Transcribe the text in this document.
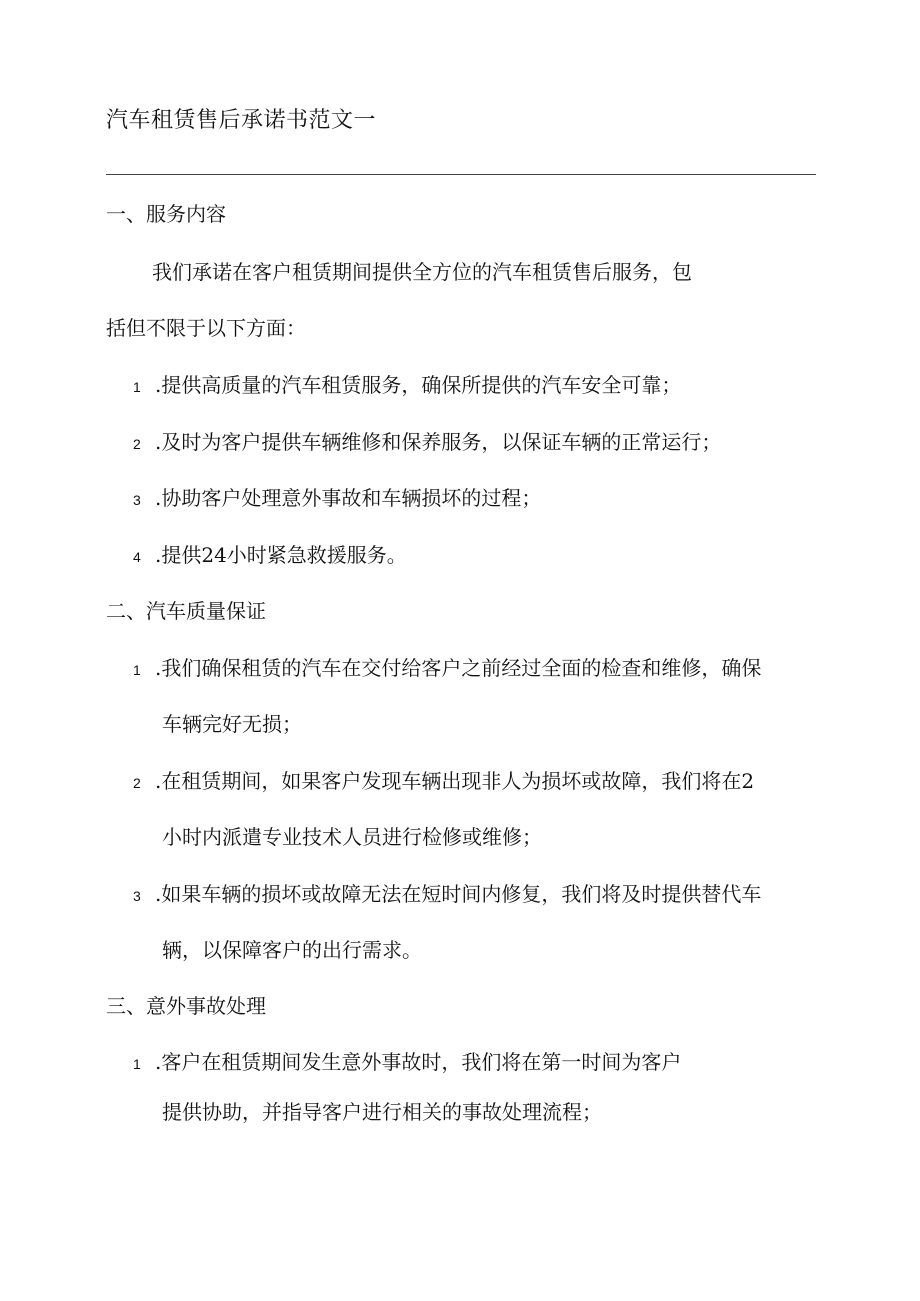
汽车租赁售后承诺书范文一
一、服务内容
我们承诺在客户租赁期间提供全方位的汽车租赁售后服务，包
括但不限于以下方面：
1 .提供高质量的汽车租赁服务，确保所提供的汽车安全可靠；
2 .及时为客户提供车辆维修和保养服务，以保证车辆的正常运行；
3 .协助客户处理意外事故和车辆损坏的过程；
4 .提供24小时紧急救援服务。
二、汽车质量保证
1 .我们确保租赁的汽车在交付给客户之前经过全面的检查和维修，确保
车辆完好无损；
2 .在租赁期间，如果客户发现车辆出现非人为损坏或故障，我们将在2
小时内派遣专业技术人员进行检修或维修；
3 .如果车辆的损坏或故障无法在短时间内修复，我们将及时提供替代车
辆，以保障客户的出行需求。
三、意外事故处理
1 .客户在租赁期间发生意外事故时，我们将在第一时间为客户
提供协助，并指导客户进行相关的事故处理流程；
